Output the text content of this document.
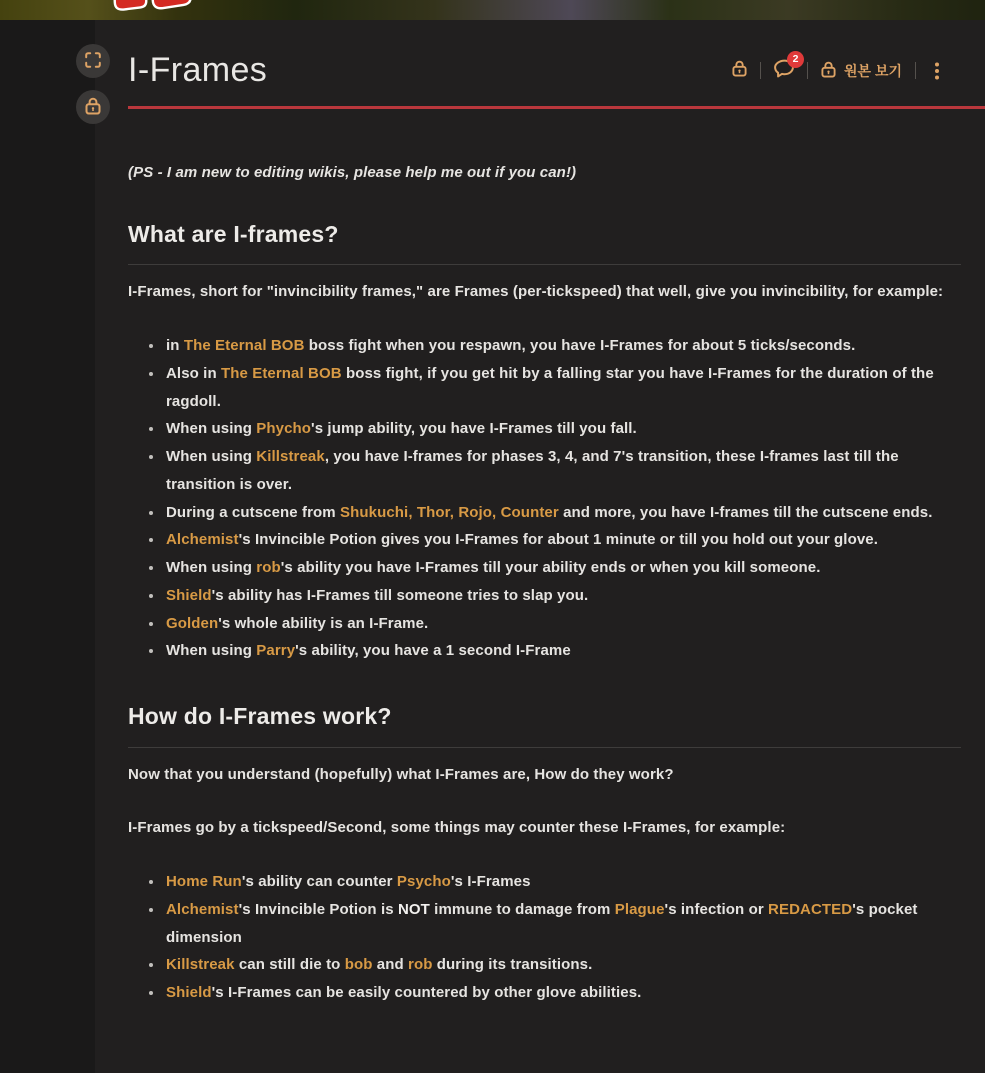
I-Frames	2
원본 보기

(PS - I am new to editing wikis, please help me out if you can!)

What are I-frames?

I-Frames, short for "invincibility frames," are Frames (per-tickspeed) that well, give you invincibility, for example:

• in The Eternal BOB boss fight when you respawn, you have I-Frames for about 5 ticks/seconds.
• Also in The Eternal BOB boss fight, if you get hit by a falling star you have I-Frames for the duration of the ragdoll.
• When using Phycho's jump ability, you have I-Frames till you fall.
• When using Killstreak, you have I-frames for phases 3, 4, and 7's transition, these I-frames last till the transition is over.
• During a cutscene from Shukuchi, Thor, Rojo, Counter and more, you have I-frames till the cutscene ends.
• Alchemist's Invincible Potion gives you I-Frames for about 1 minute or till you hold out your glove.
• When using rob's ability you have I-Frames till your ability ends or when you kill someone.
• Shield's ability has I-Frames till someone tries to slap you.
• Golden's whole ability is an I-Frame.
• When using Parry's ability, you have a 1 second I-Frame
How do I-Frames work?

Now that you understand (hopefully) what I-Frames are, How do they work?

I-Frames go by a tickspeed/Second, some things may counter these I-Frames, for example:

• Home Run's ability can counter Psycho's I-Frames
• Alchemist's Invincible Potion is NOT immune to damage from Plague's infection or REDACTED's pocket dimension
• Killstreak can still die to bob and rob during its transitions.
• Shield's I-Frames can be easily countered by other glove abilities.
